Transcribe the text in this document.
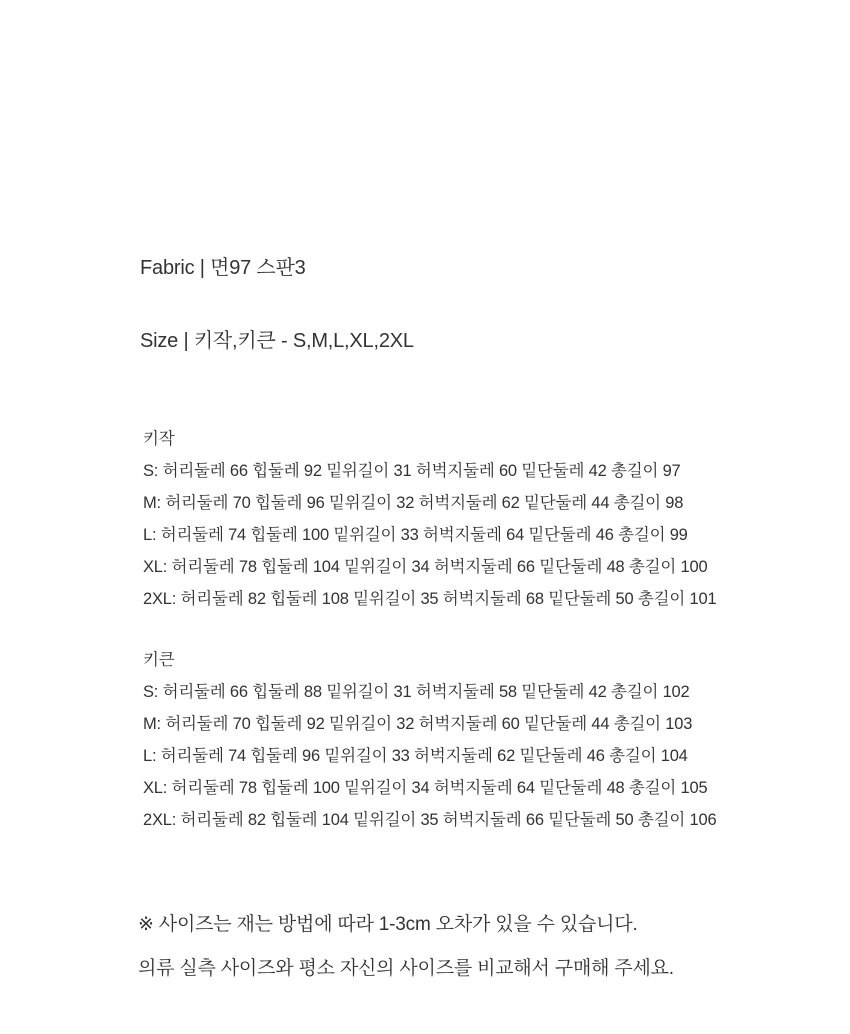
Fabric | 면97 스판3
Size | 키작,키큰 - S,M,L,XL,2XL
키작
S: 허리둘레 66 힙둘레 92 밑위길이 31 허벅지둘레 60 밑단둘레 42 총길이 97
M: 허리둘레 70 힙둘레 96 밑위길이 32 허벅지둘레 62 밑단둘레 44 총길이 98
L: 허리둘레 74 힙둘레 100 밑위길이 33 허벅지둘레 64 밑단둘레 46 총길이 99
XL: 허리둘레 78 힙둘레 104 밑위길이 34 허벅지둘레 66 밑단둘레 48 총길이 100
2XL: 허리둘레 82 힙둘레 108 밑위길이 35 허벅지둘레 68 밑단둘레 50 총길이 101
키큰
S: 허리둘레 66 힙둘레 88 밑위길이 31 허벅지둘레 58 밑단둘레 42 총길이 102
M: 허리둘레 70 힙둘레 92 밑위길이 32 허벅지둘레 60 밑단둘레 44 총길이 103
L: 허리둘레 74 힙둘레 96 밑위길이 33 허벅지둘레 62 밑단둘레 46 총길이 104
XL: 허리둘레 78 힙둘레 100 밑위길이 34 허벅지둘레 64 밑단둘레 48 총길이 105
2XL: 허리둘레 82 힙둘레 104 밑위길이 35 허벅지둘레 66 밑단둘레 50 총길이 106
※ 사이즈는 재는 방법에 따라 1-3cm 오차가 있을 수 있습니다.
의류 실측 사이즈와 평소 자신의 사이즈를 비교해서 구매해 주세요.
